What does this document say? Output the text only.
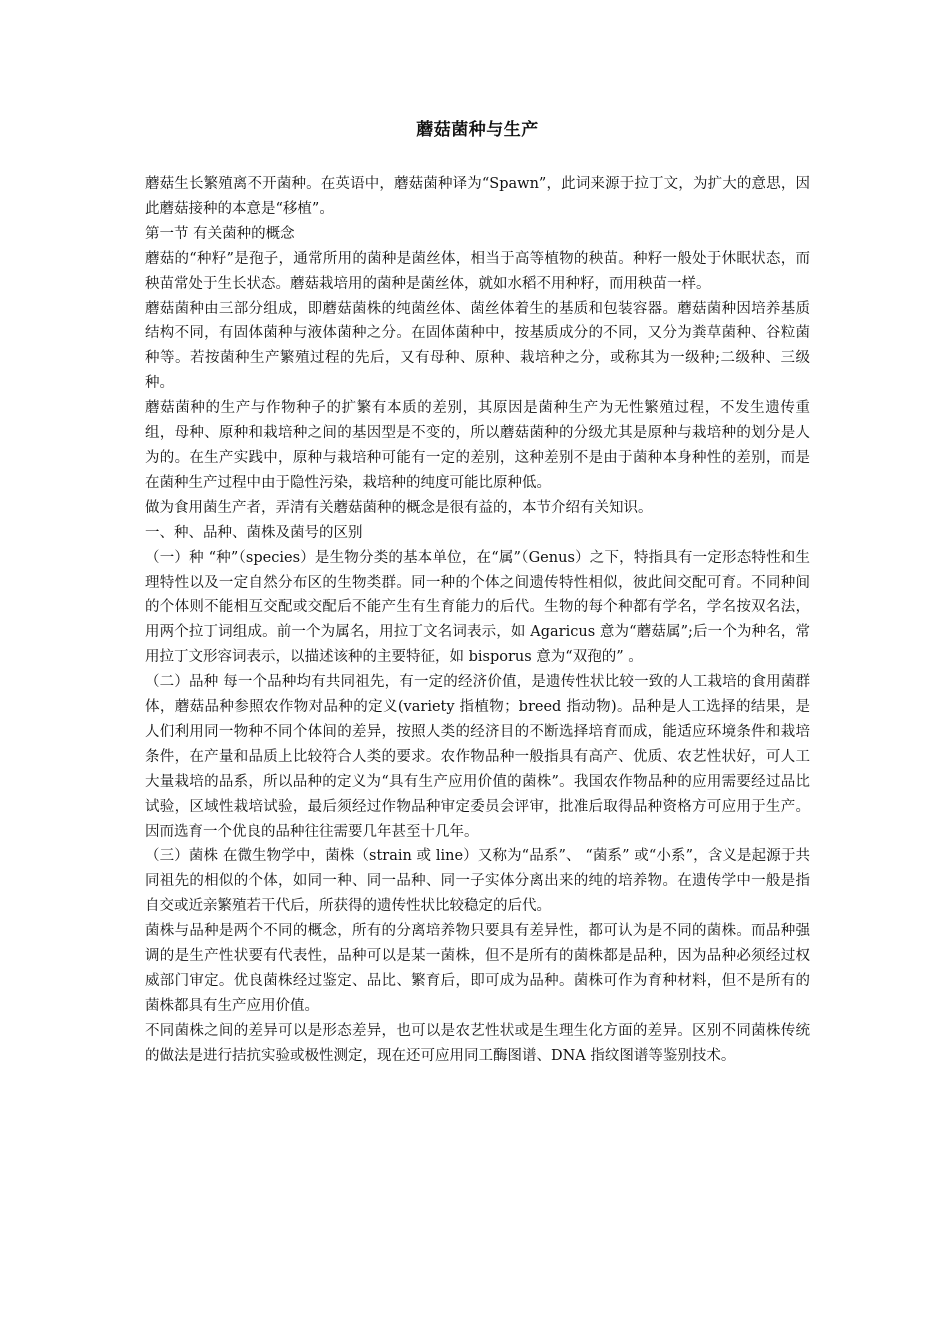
蘑菇菌种与生产

蘑菇生长繁殖离不开菌种。在英语中，蘑菇菌种译为“Spawn”，此词来源于拉丁文，为扩大的意思，因此蘑菇接种的本意是“移植”。

第一节 有关菌种的概念

蘑菇的“种籽”是孢子，通常所用的菌种是菌丝体，相当于高等植物的秧苗。种籽一般处于休眠状态，而秧苗常处于生长状态。蘑菇栽培用的菌种是菌丝体，就如水稻不用种籽，而用秧苗一样。

蘑菇菌种由三部分组成，即蘑菇菌株的纯菌丝体、菌丝体着生的基质和包装容器。蘑菇菌种因培养基质结构不同，有固体菌种与液体菌种之分。在固体菌种中，按基质成分的不同，又分为粪草菌种、谷粒菌种等。若按菌种生产繁殖过程的先后，又有母种、原种、栽培种之分，或称其为一级种;二级种、三级种。

蘑菇菌种的生产与作物种子的扩繁有本质的差别，其原因是菌种生产为无性繁殖过程，不发生遗传重组，母种、原种和栽培种之间的基因型是不变的，所以蘑菇菌种的分级尤其是原种与栽培种的划分是人为的。在生产实践中，原种与栽培种可能有一定的差别，这种差别不是由于菌种本身种性的差别，而是在菌种生产过程中由于隐性污染，栽培种的纯度可能比原种低。

做为食用菌生产者，弄清有关蘑菇菌种的概念是很有益的，本节介绍有关知识。

一、种、品种、菌株及菌号的区别

（一）种 “种”（species）是生物分类的基本单位，在“属”（Genus）之下，特指具有一定形态特性和生理特性以及一定自然分布区的生物类群。同一种的个体之间遗传特性相似，彼此间交配可育。不同种间的个体则不能相互交配或交配后不能产生有生育能力的后代。生物的每个种都有学名，学名按双名法，用两个拉丁词组成。前一个为属名，用拉丁文名词表示，如 Agaricus 意为“蘑菇属”;后一个为种名，常用拉丁文形容词表示，以描述该种的主要特征，如 bisporus 意为“双孢的” 。

（二）品种 每一个品种均有共同祖先，有一定的经济价值，是遗传性状比较一致的人工栽培的食用菌群体，蘑菇品种参照农作物对品种的定义(variety 指植物；breed 指动物)。品种是人工选择的结果，是人们利用同一物种不同个体间的差异，按照人类的经济目的不断选择培育而成，能适应环境条件和栽培条件，在产量和品质上比较符合人类的要求。农作物品种一般指具有高产、优质、农艺性状好，可人工大量栽培的品系，所以品种的定义为“具有生产应用价值的菌株”。我国农作物品种的应用需要经过品比试验，区域性栽培试验，最后须经过作物品种审定委员会评审，批准后取得品种资格方可应用于生产。因而选育一个优良的品种往往需要几年甚至十几年。

（三）菌株 在微生物学中，菌株（strain 或 line）又称为“品系”、 “菌系” 或“小系”，含义是起源于共同祖先的相似的个体，如同一种、同一品种、同一子实体分离出来的纯的培养物。在遗传学中一般是指自交或近亲繁殖若干代后，所获得的遗传性状比较稳定的后代。

菌株与品种是两个不同的概念，所有的分离培养物只要具有差异性，都可认为是不同的菌株。而品种强调的是生产性状要有代表性，品种可以是某一菌株，但不是所有的菌株都是品种，因为品种必须经过权威部门审定。优良菌株经过鉴定、品比、繁育后，即可成为品种。菌株可作为育种材料，但不是所有的菌株都具有生产应用价值。

不同菌株之间的差异可以是形态差异，也可以是农艺性状或是生理生化方面的差异。区别不同菌株传统的做法是进行拮抗实验或极性测定，现在还可应用同工酶图谱、DNA 指纹图谱等鉴别技术。
